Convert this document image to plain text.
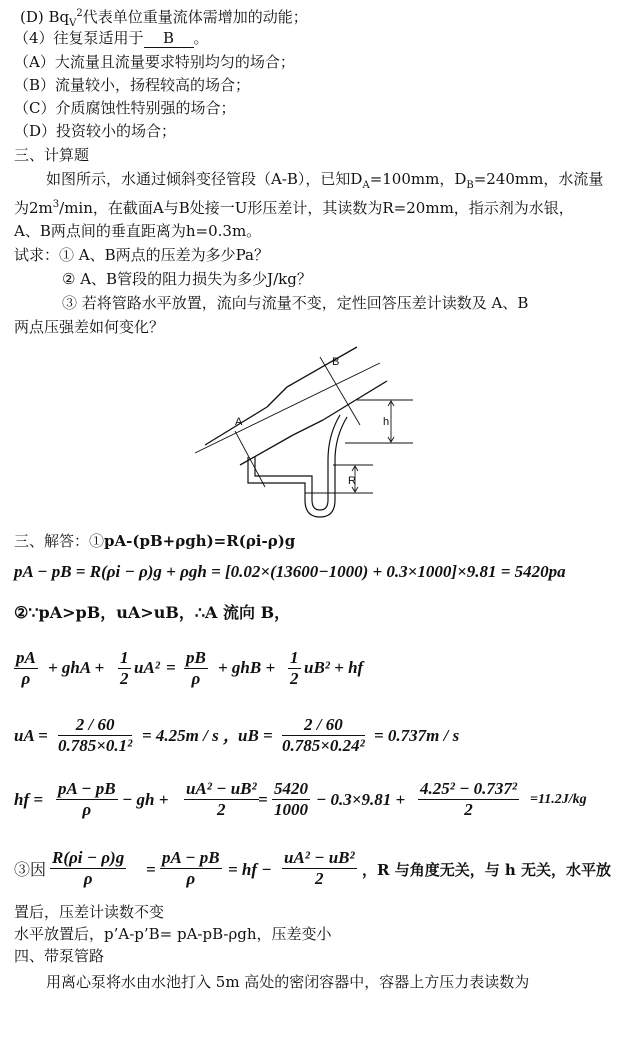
(D) $Bq_V^2$代表单位重量流体需增加的动能；
（4）往复泵适用于 B 。
（A）大流量且流量要求特别均匀的场合；
（B）流量较小，扬程较高的场合；
（C）介质腐蚀性特别强的场合；
（D）投资较小的场合；
三、计算题
如图所示，水通过倾斜变径管段（A-B），已知$D_A=100mm$，$D_B=240mm$，水流量
为$2m^3/\min$，在截面A与B处接一U形压差计，其读数为R=20mm，指示剂为水银，
A、B两点间的垂直距离为h=0.3m。
试求：① A、B两点的压差为多少Pa？
② A、B管段的阻力损失为多少J/kg？
③ 若将管路水平放置，流向与流量不变，定性回答压差计读数及 A、B
两点压强差如何变化？
A
B
h
R
三、解答：①pA-(pB+ρgh)=R(ρi-ρ)g
pA − pB = R(ρi − ρ)g + ρgh = [0.02×(13600−1000) + 0.3×1000]×9.81 = 5420pa
②∵pA>pB，uA>uB，∴A 流向 B，
pA
ρ
+ ghA +
1
2
uA² =
pB
ρ
+ ghB +
1
2
uB² + hf
uA =
2 / 60
0.785×0.1²
= 4.25m / s ，
uB =
2 / 60
0.785×0.24²
= 0.737m / s
hf =
pA − pB
ρ
− gh +
uA² − uB²
2
=
5420
1000
− 0.3×9.81 +
4.25² − 0.737²
2
=11.2J/kg
③因
R(ρi − ρ)g
ρ	=
pA − pB
ρ	= hf −
uA² − uB²
2	，R 与角度无关，与 h 无关，水平放
置后，压差计读数不变
水平放置后，p’A-p’B= pA-pB-ρgh，压差变小
四、带泵管路
用离心泵将水由水池打入 5m 高处的密闭容器中，容器上方压力表读数为
